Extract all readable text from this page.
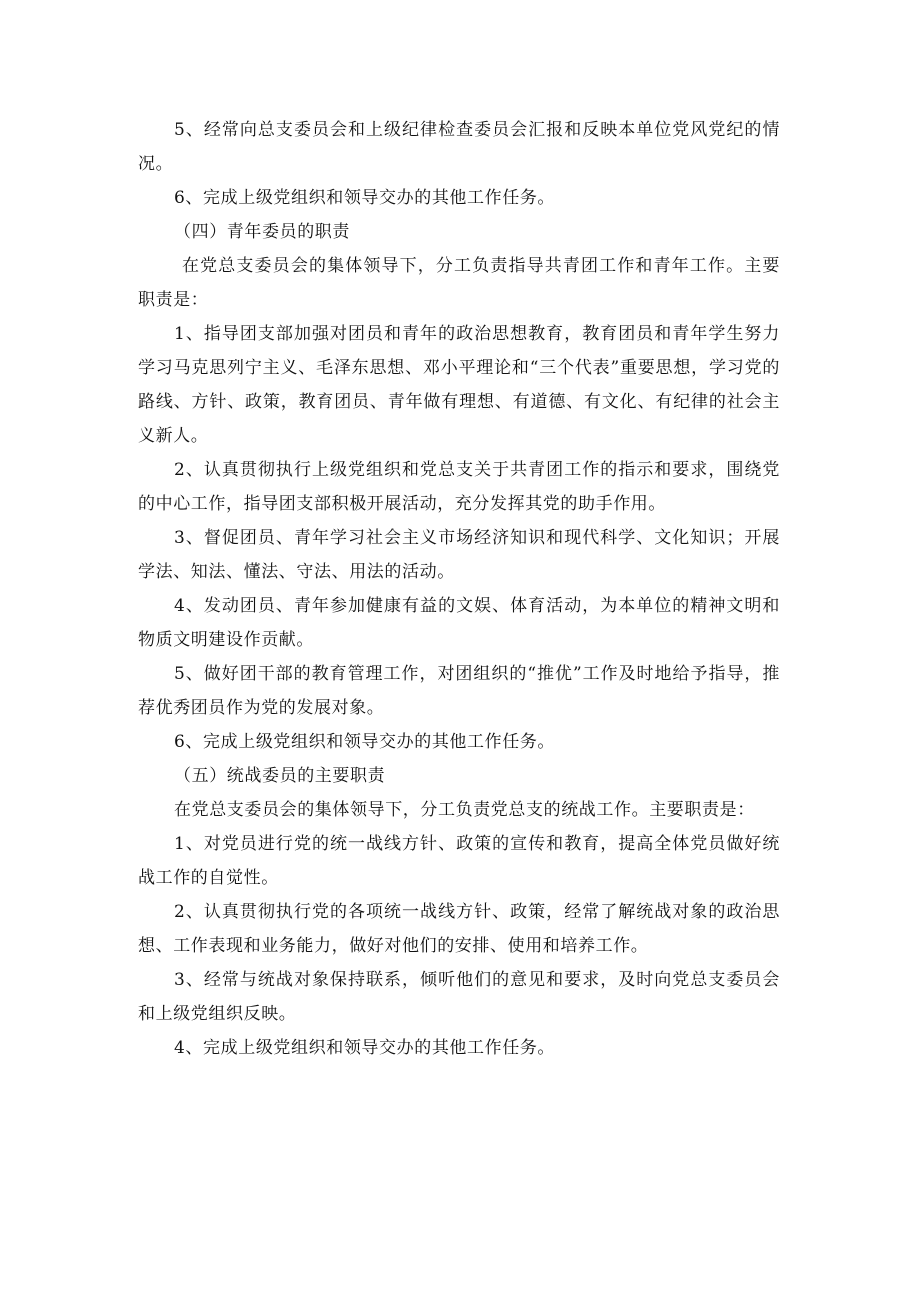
5、经常向总支委员会和上级纪律检查委员会汇报和反映本单位党风党纪的情况。

6、完成上级党组织和领导交办的其他工作任务。

（四）青年委员的职责

在党总支委员会的集体领导下，分工负责指导共青团工作和青年工作。主要职责是：

1、指导团支部加强对团员和青年的政治思想教育，教育团员和青年学生努力学习马克思列宁主义、毛泽东思想、邓小平理论和“三个代表”重要思想，学习党的路线、方针、政策，教育团员、青年做有理想、有道德、有文化、有纪律的社会主义新人。

2、认真贯彻执行上级党组织和党总支关于共青团工作的指示和要求，围绕党的中心工作，指导团支部积极开展活动，充分发挥其党的助手作用。

3、督促团员、青年学习社会主义市场经济知识和现代科学、文化知识；开展学法、知法、懂法、守法、用法的活动。

4、发动团员、青年参加健康有益的文娱、体育活动，为本单位的精神文明和物质文明建设作贡献。

5、做好团干部的教育管理工作，对团组织的“推优”工作及时地给予指导，推荐优秀团员作为党的发展对象。

6、完成上级党组织和领导交办的其他工作任务。

（五）统战委员的主要职责

在党总支委员会的集体领导下，分工负责党总支的统战工作。主要职责是：

1、对党员进行党的统一战线方针、政策的宣传和教育，提高全体党员做好统战工作的自觉性。

2、认真贯彻执行党的各项统一战线方针、政策，经常了解统战对象的政治思想、工作表现和业务能力，做好对他们的安排、使用和培养工作。

3、经常与统战对象保持联系，倾听他们的意见和要求，及时向党总支委员会和上级党组织反映。

4、完成上级党组织和领导交办的其他工作任务。
